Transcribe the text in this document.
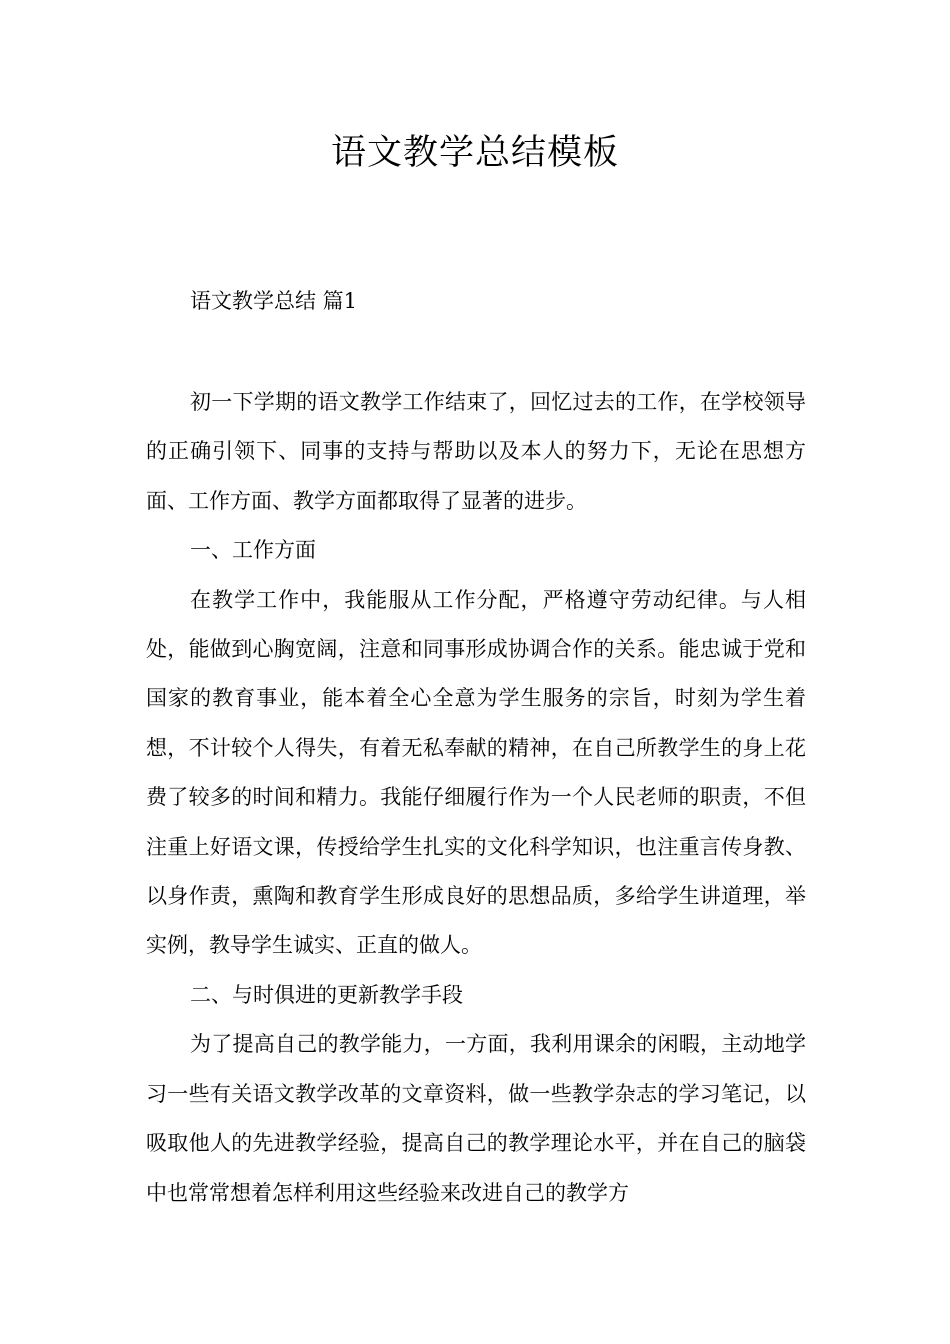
语文教学总结模板
语文教学总结 篇1

初一下学期的语文教学工作结束了，回忆过去的工作，在学校领导的正确引领下、同事的支持与帮助以及本人的努力下，无论在思想方面、工作方面、教学方面都取得了显著的进步。

一、工作方面

在教学工作中，我能服从工作分配，严格遵守劳动纪律。与人相处，能做到心胸宽阔，注意和同事形成协调合作的关系。能忠诚于党和国家的教育事业，能本着全心全意为学生服务的宗旨，时刻为学生着想，不计较个人得失，有着无私奉献的精神，在自己所教学生的身上花费了较多的时间和精力。我能仔细履行作为一个人民老师的职责，不但注重上好语文课，传授给学生扎实的文化科学知识，也注重言传身教、以身作责，熏陶和教育学生形成良好的思想品质，多给学生讲道理，举实例，教导学生诚实、正直的做人。

二、与时俱进的更新教学手段

为了提高自己的教学能力，一方面，我利用课余的闲暇，主动地学习一些有关语文教学改革的文章资料，做一些教学杂志的学习笔记，以吸取他人的先进教学经验，提高自己的教学理论水平，并在自己的脑袋中也常常想着怎样利用这些经验来改进自己的教学方
